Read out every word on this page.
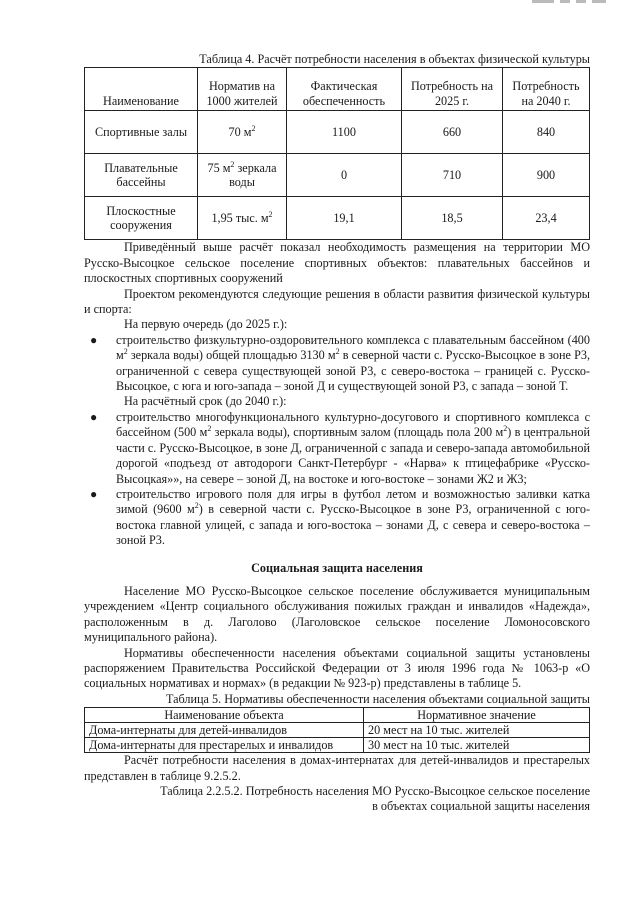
Таблица 4. Расчёт потребности населения в объектах физической культуры

Наименование	Норматив на 1000 жителей	Фактическая обеспеченность	Потребность на 2025 г.	Потребность на 2040 г.
Спортивные залы	70 $м^2$	1100	660	840
Плавательные бассейны	75 $м^2$ зеркала воды	0	710	900
Плоскостные сооружения	1,95 тыс. $м^2$	19,1	18,5	23,4

Приведённый выше расчёт показал необходимость размещения на территории МО Русско-Высоцкое сельское поселение спортивных объектов: плавательных бассейнов и плоскостных спортивных сооружений

Проектом рекомендуются следующие решения в области развития физической культуры и спорта:

На первую очередь (до 2025 г.):

● строительство физкультурно-оздоровительного комплекса с плавательным бассейном (400 $м^2$ зеркала воды) общей площадью 3130 $м^2$ в северной части с. Русско-Высоцкое в зоне Р3, ограниченной с севера существующей зоной Р3, с северо-востока – границей с. Русско-Высоцкое, с юга и юго-запада – зоной Д и существующей зоной Р3, с запада – зоной Т.

На расчётный срок (до 2040 г.):

● строительство многофункционального культурно-досугового и спортивного комплекса с бассейном (500 $м^2$ зеркала воды), спортивным залом (площадь пола 200 $м^2$) в центральной части с. Русско-Высоцкое, в зоне Д, ограниченной с запада и северо-запада автомобильной дорогой «подъезд от автодороги Санкт-Петербург - «Нарва» к птицефабрике «Русско-Высоцкая»», на севере – зоной Д, на востоке и юго-востоке – зонами Ж2 и Ж3;
● строительство игрового поля для игры в футбол летом и возможностью заливки катка зимой (9600 $м^2$) в северной части с. Русско-Высоцкое в зоне Р3, ограниченной с юго-востока главной улицей, с запада и юго-востока – зонами Д, с севера и северо-востока – зоной Р3.
Социальная защита населения

Население МО Русско-Высоцкое сельское поселение обслуживается муниципальным учреждением «Центр социального обслуживания пожилых граждан и инвалидов «Надежда», расположенным в д. Лаголово (Лаголовское сельское поселение Ломоносовского муниципального района).

Нормативы обеспеченности населения объектами социальной защиты установлены распоряжением Правительства Российской Федерации от 3 июля 1996 года № 1063-р «О социальных нормативах и нормах» (в редакции № 923-р) представлены в таблице 5.

Таблица 5. Нормативы обеспеченности населения объектами социальной защиты

Наименование объекта	Нормативное значение
Дома-интернаты для детей-инвалидов	20 мест на 10 тыс. жителей
Дома-интернаты для престарелых и инвалидов	30 мест на 10 тыс. жителей

Расчёт потребности населения в домах-интернатах для детей-инвалидов и престарелых представлен в таблице 9.2.5.2.

Таблица 2.2.5.2. Потребность населения МО Русско-Высоцкое сельское поселение

в объектах социальной защиты населения
